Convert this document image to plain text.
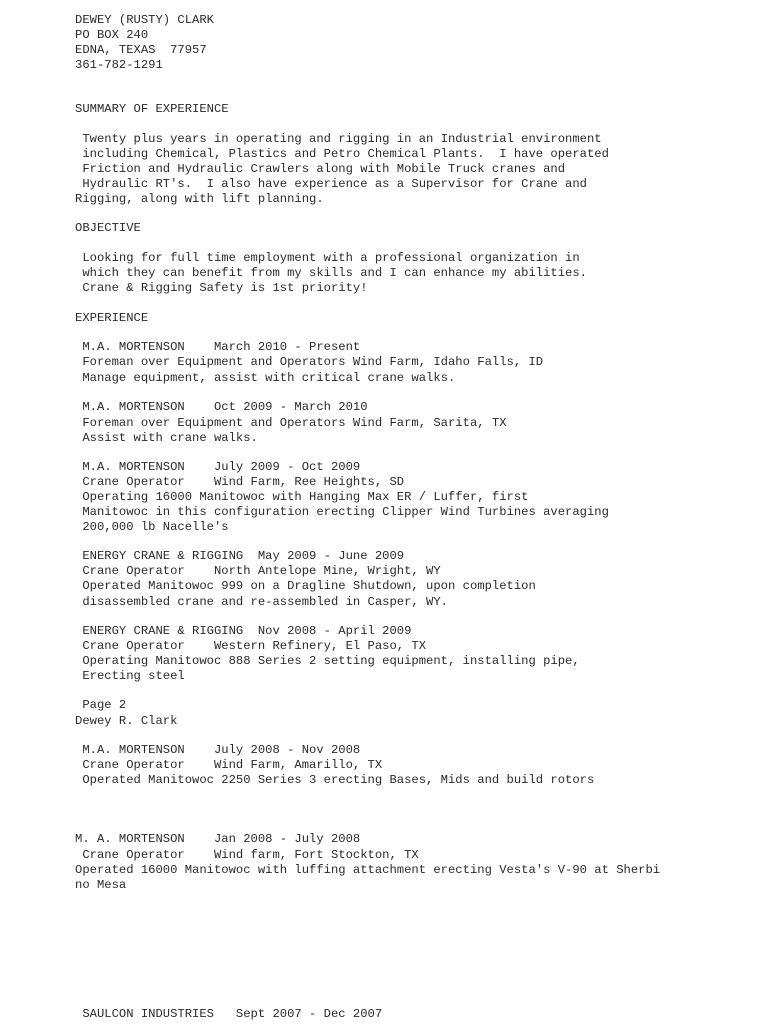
DEWEY (RUSTY) CLARK
PO BOX 240
EDNA, TEXAS  77957
361-782-1291
SUMMARY OF EXPERIENCE
Twenty plus years in operating and rigging in an Industrial environment
including Chemical, Plastics and Petro Chemical Plants.  I have operated
Friction and Hydraulic Crawlers along with Mobile Truck cranes and
Hydraulic RT's.  I also have experience as a Supervisor for Crane and
Rigging, along with lift planning.
OBJECTIVE
Looking for full time employment with a professional organization in
which they can benefit from my skills and I can enhance my abilities.
Crane & Rigging Safety is 1st priority!
EXPERIENCE
M.A. MORTENSON    March 2010 - Present
Foreman over Equipment and Operators Wind Farm, Idaho Falls, ID
Manage equipment, assist with critical crane walks.
M.A. MORTENSON    Oct 2009 - March 2010
Foreman over Equipment and Operators Wind Farm, Sarita, TX
Assist with crane walks.
M.A. MORTENSON    July 2009 - Oct 2009
Crane Operator    Wind Farm, Ree Heights, SD
Operating 16000 Manitowoc with Hanging Max ER / Luffer, first
Manitowoc in this configuration erecting Clipper Wind Turbines averaging
200,000 lb Nacelle's
ENERGY CRANE & RIGGING  May 2009 - June 2009
Crane Operator    North Antelope Mine, Wright, WY
Operated Manitowoc 999 on a Dragline Shutdown, upon completion
disassembled crane and re-assembled in Casper, WY.
ENERGY CRANE & RIGGING  Nov 2008 - April 2009
Crane Operator    Western Refinery, El Paso, TX
Operating Manitowoc 888 Series 2 setting equipment, installing pipe,
Erecting steel
Page 2
Dewey R. Clark
M.A. MORTENSON    July 2008 - Nov 2008
Crane Operator    Wind Farm, Amarillo, TX
Operated Manitowoc 2250 Series 3 erecting Bases, Mids and build rotors
M. A. MORTENSON    Jan 2008 - July 2008
Crane Operator    Wind farm, Fort Stockton, TX
Operated 16000 Manitowoc with luffing attachment erecting Vesta's V-90 at Sherbi
no Mesa
SAULCON INDUSTRIES   Sept 2007 - Dec 2007
